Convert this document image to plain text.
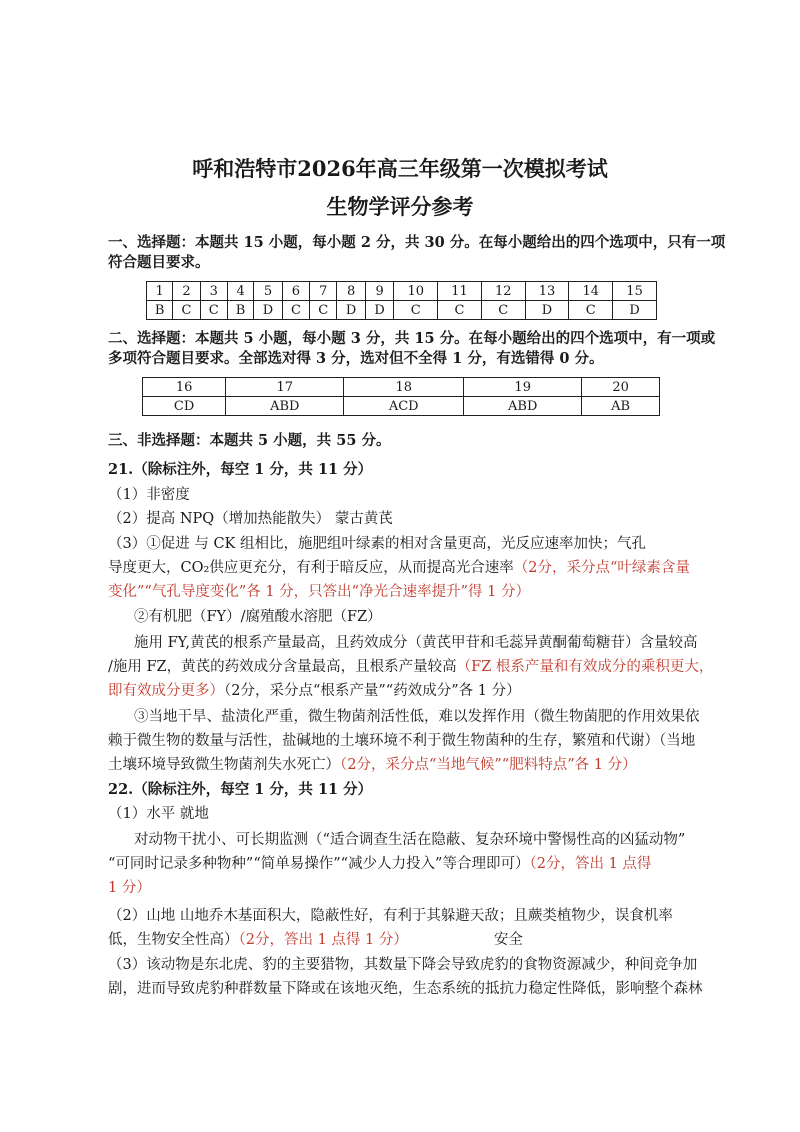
呼和浩特市2026年高三年级第一次模拟考试
生物学评分参考
一、选择题：本题共 15 小题，每小题 2 分，共 30 分。在每小题给出的四个选项中，只有一项
符合题目要求。
1	2	3	4	5	6	7	8	9	10	11	12	13	14	15
B	C	C	B	D	C	C	D	D	C	C	C	D	C	D
二、选择题：本题共 5 小题，每小题 3 分，共 15 分。在每小题给出的四个选项中，有一项或
多项符合题目要求。全部选对得 3 分，选对但不全得 1 分，有选错得 0 分。
16	17	18	19	20
CD	ABD	ACD	ABD	AB
三、非选择题：本题共 5 小题，共 55 分。
21.（除标注外，每空 1 分，共 11 分）
（1）非密度
（2）提高 NPQ（增加热能散失） 蒙古黄芪
（3）①促进 与 CK 组相比，施肥组叶绿素的相对含量更高，光反应速率加快；气孔
导度更大，CO₂供应更充分，有利于暗反应，从而提高光合速率（2分，采分点“叶绿素含量
变化”“气孔导度变化”各 1 分，只答出“净光合速率提升”得 1 分）
②有机肥（FY）/腐殖酸水溶肥（FZ）
施用 FY,黄芪的根系产量最高，且药效成分（黄芪甲苷和毛蕊异黄酮葡萄糖苷）含量较高
/施用 FZ，黄芪的药效成分含量最高，且根系产量较高（FZ 根系产量和有效成分的乘积更大，
即有效成分更多）（2分，采分点“根系产量”“药效成分”各 1 分）
③当地干旱、盐渍化严重，微生物菌剂活性低，难以发挥作用（微生物菌肥的作用效果依
赖于微生物的数量与活性，盐碱地的土壤环境不利于微生物菌种的生存，繁殖和代谢）（当地
土壤环境导致微生物菌剂失水死亡）（2分，采分点“当地气候”“肥料特点”各 1 分）
22.（除标注外，每空 1 分，共 11 分）
（1）水平 就地
对动物干扰小、可长期监测（“适合调查生活在隐蔽、复杂环境中警惕性高的凶猛动物”
“可同时记录多种物种”“简单易操作”“减少人力投入”等合理即可）（2分，答出 1 点得
1 分）
（2）山地 山地乔木基面积大，隐蔽性好，有利于其躲避天敌；且蕨类植物少，误食机率
低，生物安全性高）（2分，答出 1 点得 1 分）	安全
（3）该动物是东北虎、豹的主要猎物，其数量下降会导致虎豹的食物资源减少，种间竞争加
剧，进而导致虎豹种群数量下降或在该地灭绝，生态系统的抵抗力稳定性降低，影响整个森林
